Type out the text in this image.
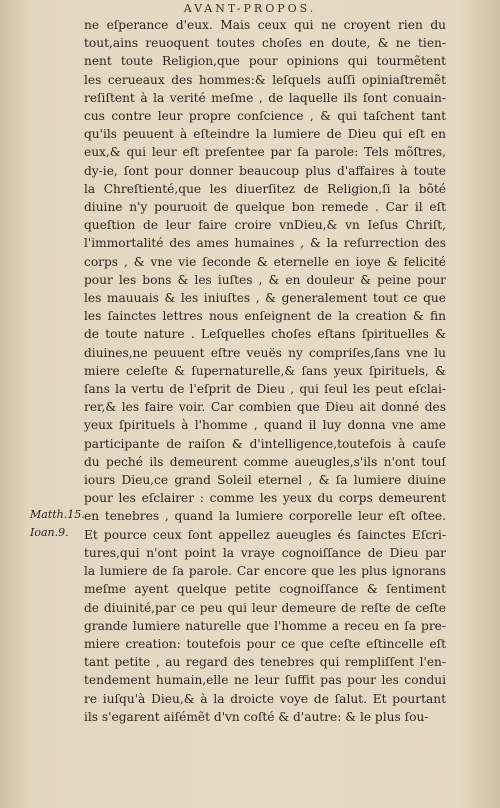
AVANT-PROPOS.
ne eſperance d'eux. Mais ceux qui ne croyent rien du
tout,ains reuoquent toutes choſes en doute, & ne tien-
nent toute Religion,que pour opinions qui tourmẽtent
les cerueaux des hommes:& leſquels auſſi opiniaſtremẽt
reſiſtent à la verité meſme , de laquelle ils ſont conuain-
cus contre leur propre conſcience , & qui taſchent tant
qu'ils peuuent à eſteindre la lumiere de Dieu qui eſt en
eux,& qui leur eſt preſentee par ſa parole: Tels mõſtres,
dy-ie, ſont pour donner beaucoup plus d'affaires à toute
la Chreſtienté,que les diuerſitez de Religion,ſi la bõté
diuine n'y pouruoit de quelque bon remede . Car il eſt
queſtion de leur faire croire vnDieu,& vn Ieſus Chriſt,
l'immortalité des ames humaines , & la reſurrection des
corps , & vne vie ſeconde & eternelle en ioye & felicité
pour les bons & les iuſtes , & en douleur & peine pour
les mauuais & les iniuſtes , & generalement tout ce que
les ſainctes lettres nous enſeignent de la creation & fin
de toute nature . Leſquelles choſes eſtans ſpirituelles &
diuines,ne peuuent eſtre veuës ny compriſes,ſans vne lu
miere celeſte & ſupernaturelle,& ſans yeux ſpirituels, &
ſans la vertu de l'eſprit de Dieu , qui ſeul les peut eſclai-
rer,& les faire voir. Car combien que Dieu ait donné des
yeux ſpirituels à l'homme , quand il luy donna vne ame
participante de raiſon & d'intelligence,toutefois à cauſe
du peché ils demeurent comme aueugles,s'ils n'ont touſ
iours Dieu,ce grand Soleil eternel , & ſa lumiere diuine
pour les eſclairer : comme les yeux du corps demeurent
en tenebres , quand la lumiere corporelle leur eſt oſtee.
Et pource ceux ſont appellez aueugles és ſainctes Eſcri-
tures,qui n'ont point la vraye cognoiſſance de Dieu par
la lumiere de ſa parole. Car encore que les plus ignorans
meſme ayent quelque petite cognoiſſance & ſentiment
de diuinité,par ce peu qui leur demeure de reſte de ceſte
grande lumiere naturelle que l'homme a receu en ſa pre-
miere creation: toutefois pour ce que ceſte eſtincelle eſt
tant petite , au regard des tenebres qui rempliſſent l'en-
tendement humain,elle ne leur ſuffit pas pour les condui
re iuſqu'à Dieu,& à la droicte voye de ſalut. Et pourtant
ils s'egarent aiſémẽt d'vn coſté & d'autre: & le plus ſou-
Matth.15.
Ioan.9.
